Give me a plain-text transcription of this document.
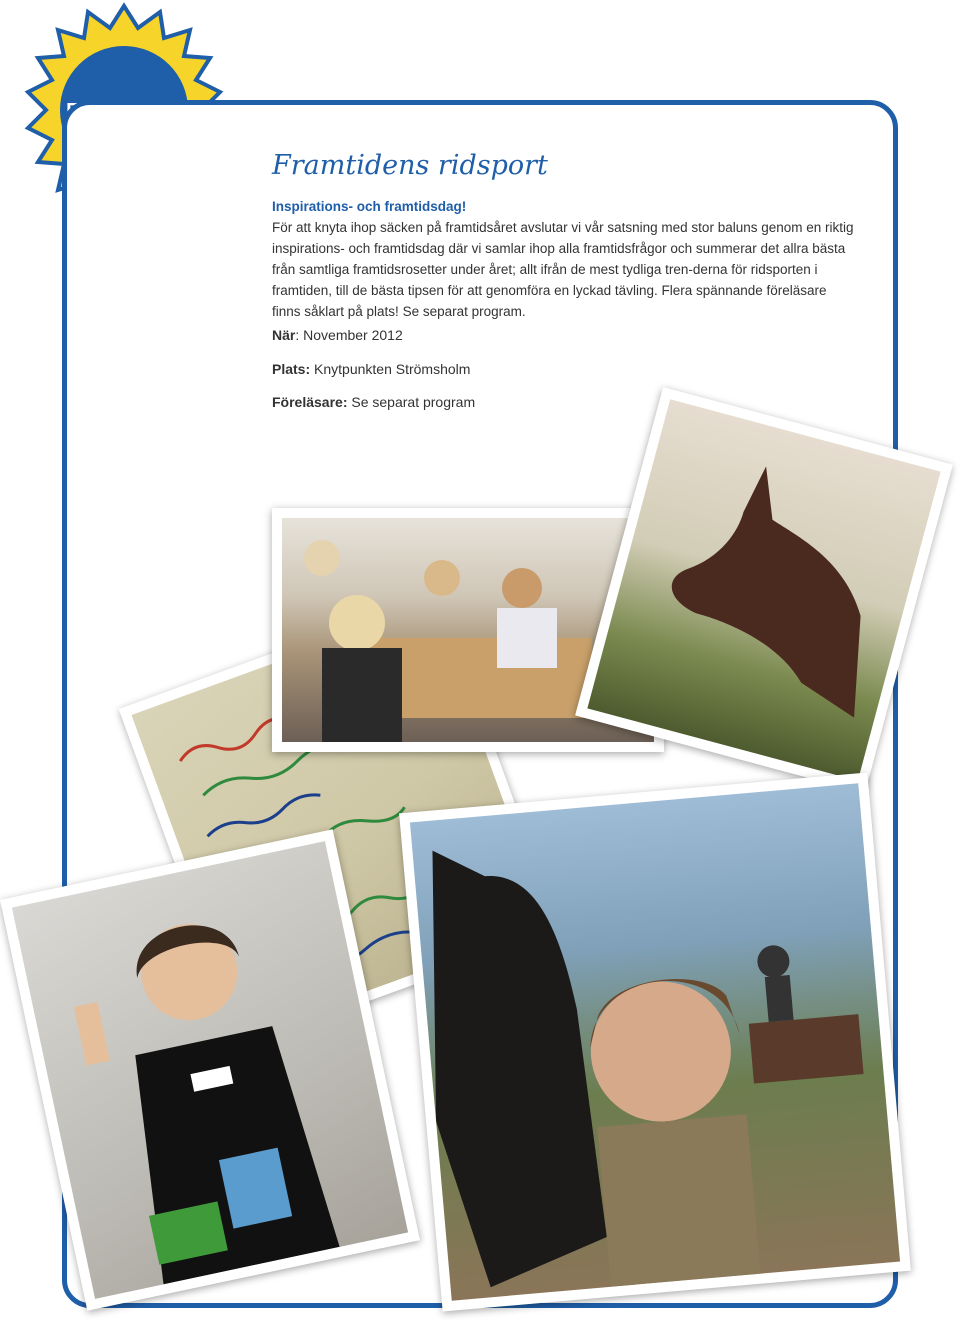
Framtidens ridsport
Inspirations- och framtidsdag!

För att knyta ihop säcken på framtidsåret avslutar vi vår satsning med stor baluns genom en riktig inspirations- och framtidsdag där vi samlar ihop alla framtidsfrågor och summerar det allra bästa från samtliga framtidsrosetter under året; allt ifrån de mest tydliga tren-derna för ridsporten i framtiden, till de bästa tipsen för att genomföra en lyckad tävling. Flera spännande föreläsare finns såklart på plats! Se separat program.

När: November 2012
Plats: Knytpunkten Strömsholm
Föreläsare: Se separat program
